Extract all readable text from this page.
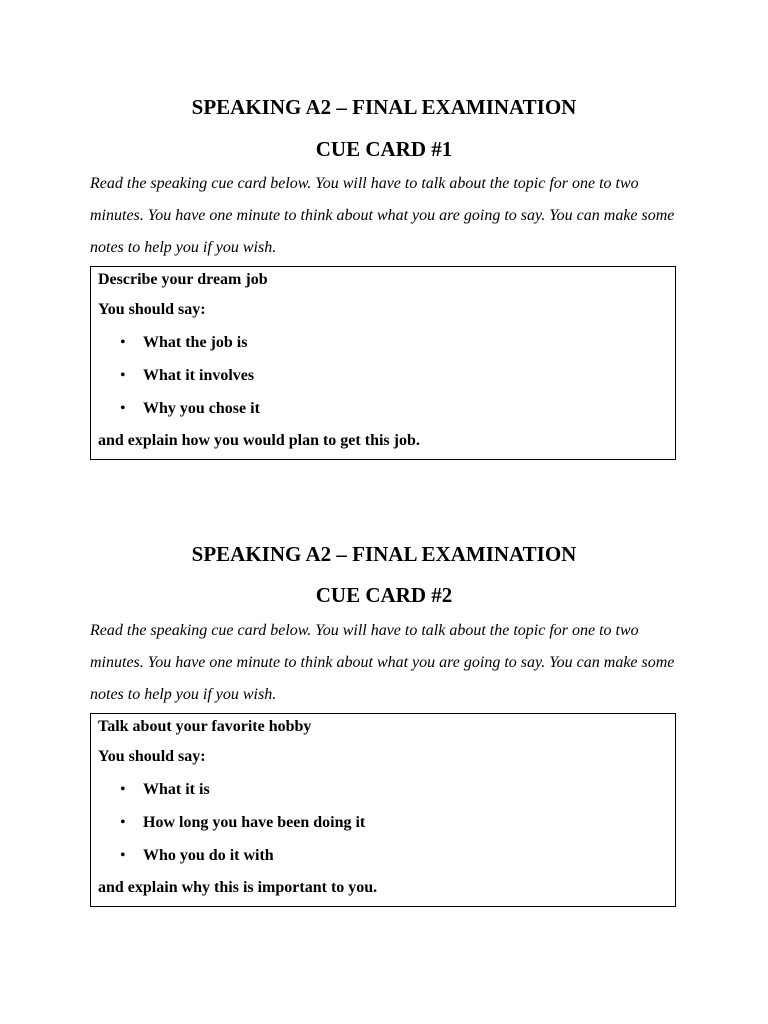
SPEAKING A2 – FINAL EXAMINATION
CUE CARD #1

Read the speaking cue card below. You will have to talk about the topic for one to two minutes. You have one minute to think about what you are going to say. You can make some notes to help you if you wish.

Describe your dream job

You should say:

• What the job is
• What it involves
• Why you chose it

and explain how you would plan to get this job.

SPEAKING A2 – FINAL EXAMINATION
CUE CARD #2

Read the speaking cue card below. You will have to talk about the topic for one to two minutes. You have one minute to think about what you are going to say. You can make some notes to help you if you wish.

Talk about your favorite hobby

You should say:

• What it is
• How long you have been doing it
• Who you do it with

and explain why this is important to you.
